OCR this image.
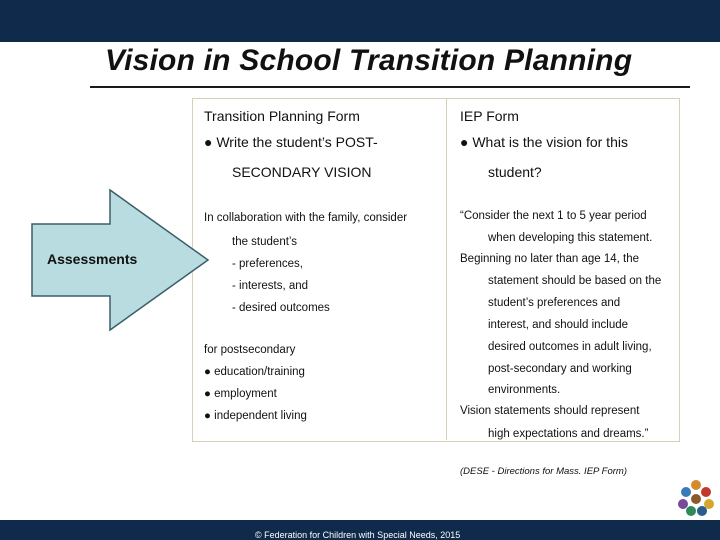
Vision in School Transition Planning
Assessments
Transition Planning Form
● Write the student’s POST-
SECONDARY VISION
In collaboration with the family, consider
the student’s
- preferences,
- interests, and
- desired outcomes
for postsecondary
● education/training
● employment
● independent living
IEP Form
● What is the vision for this
student?
“Consider the next 1 to 5 year period
when developing this statement.
Beginning no later than age 14, the
statement should be based on the
student’s preferences and
interest, and should include
desired outcomes in adult living,
post-secondary and working
environments.
Vision statements should represent
high expectations and dreams.”
(DESE - Directions for Mass. IEP Form)
© Federation for Children with Special Needs, 2015
